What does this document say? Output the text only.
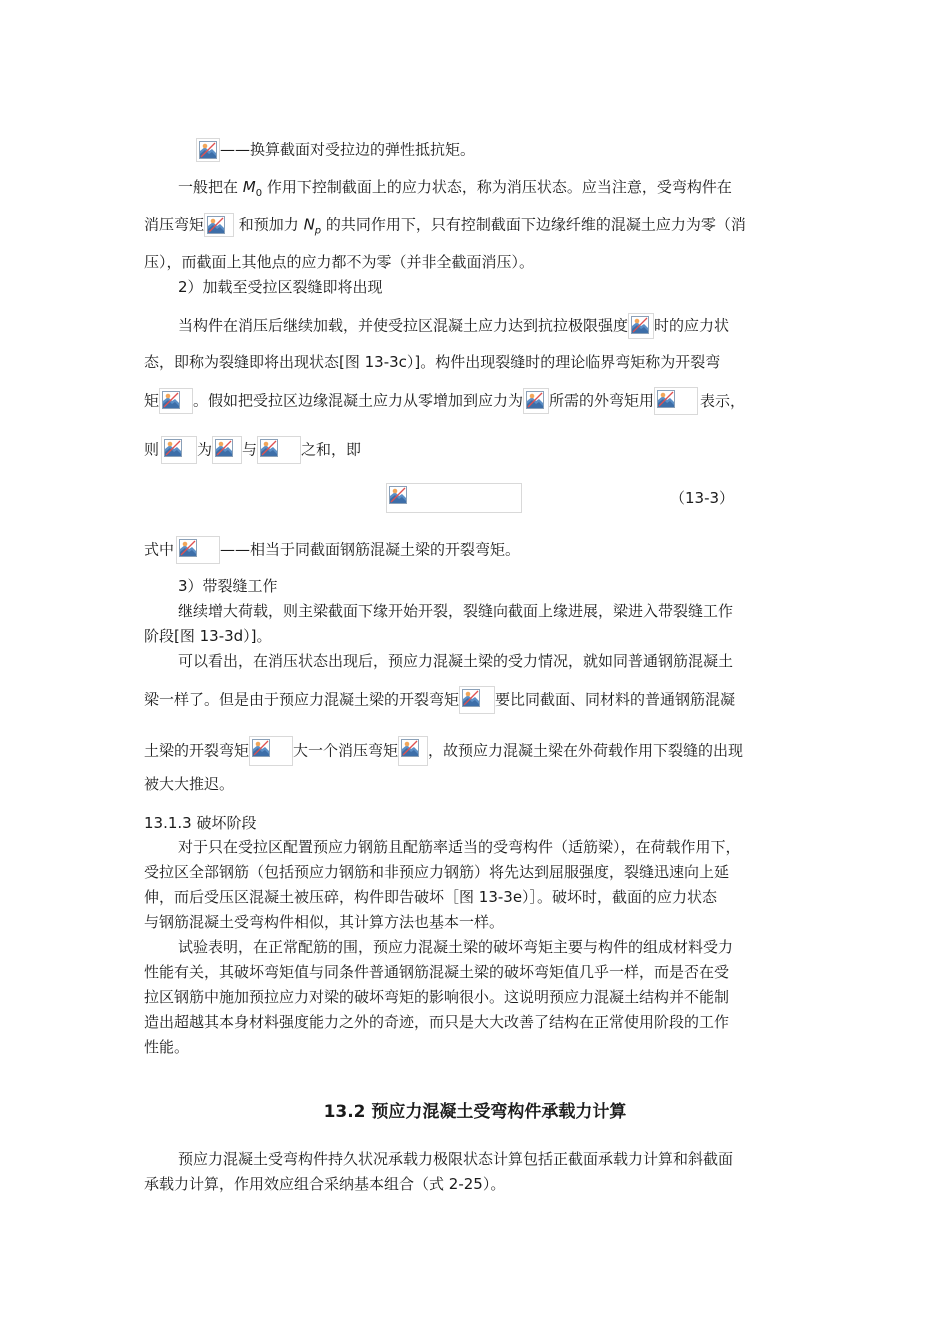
——换算截面对受拉边的弹性抵抗矩。
一般把在 $M_0$ 作用下控制截面上的应力状态，称为消压状态。应当注意，受弯构件在
消压弯矩
和预加力 $N_p$ 的共同作用下，只有控制截面下边缘纤维的混凝土应力为零（消
压），而截面上其他点的应力都不为零（并非全截面消压）。
2）加载至受拉区裂缝即将出现
当构件在消压后继续加载，并使受拉区混凝土应力达到抗拉极限强度 时的应力状
态，即称为裂缝即将出现状态[图 13-3c）]。构件出现裂缝时的理论临界弯矩称为开裂弯
矩 。假如把受拉区边缘混凝土应力从零增加到应力为 所需的外弯矩用	表示，
则	为 与	之和，即
（13-3）
式中	——相当于同截面钢筋混凝土梁的开裂弯矩。
3）带裂缝工作
继续增大荷载，则主梁截面下缘开始开裂，裂缝向截面上缘进展，梁进入带裂缝工作
阶段[图 13-3d）]。
可以看出，在消压状态出现后，预应力混凝土梁的受力情况，就如同普通钢筋混凝土
梁一样了。但是由于预应力混凝土梁的开裂弯矩 要比同截面、同材料的普通钢筋混凝
土梁的开裂弯矩	大一个消压弯矩 ，故预应力混凝土梁在外荷载作用下裂缝的出现
被大大推迟。
13.1.3 破坏阶段
对于只在受拉区配置预应力钢筋且配筋率适当的受弯构件（适筋梁），在荷载作用下，
受拉区全部钢筋（包括预应力钢筋和非预应力钢筋）将先达到屈服强度，裂缝迅速向上延
伸，而后受压区混凝土被压碎，构件即告破坏［图 13-3e）］。破坏时，截面的应力状态
与钢筋混凝土受弯构件相似，其计算方法也基本一样。
试验表明，在正常配筋的围，预应力混凝土梁的破坏弯矩主要与构件的组成材料受力
性能有关，其破坏弯矩值与同条件普通钢筋混凝土梁的破坏弯矩值几乎一样，而是否在受
拉区钢筋中施加预拉应力对梁的破坏弯矩的影响很小。这说明预应力混凝土结构并不能制
造出超越其本身材料强度能力之外的奇迹，而只是大大改善了结构在正常使用阶段的工作
性能。
13.2 预应力混凝土受弯构件承载力计算
预应力混凝土受弯构件持久状况承载力极限状态计算包括正截面承载力计算和斜截面
承载力计算，作用效应组合采纳基本组合（式 2-25）。
